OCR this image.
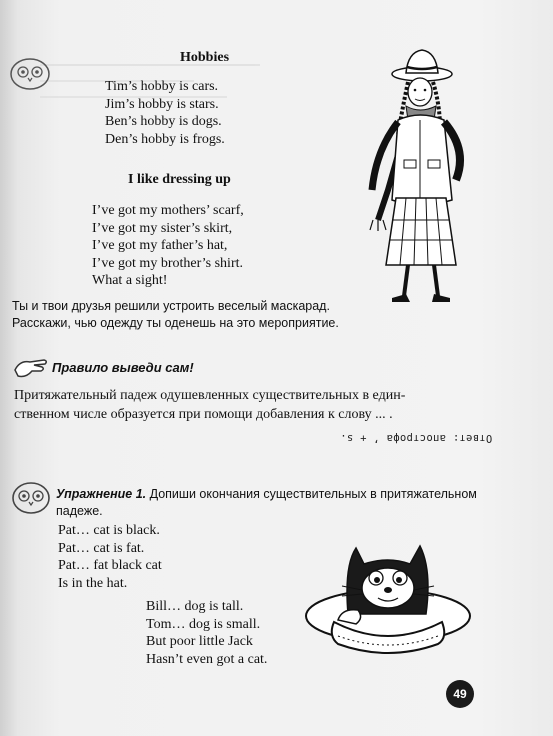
Hobbies
Tim’s hobby is cars.
Jim’s hobby is stars.
Ben’s hobby is dogs.
Den’s hobby is frogs.
I like dressing up
I’ve got my mothers’ scarf,
I’ve got my sister’s skirt,
I’ve got my father’s hat,
I’ve got my brother’s shirt.
What a sight!
Ты и твои друзья решили устроить веселый маскарад.
Расскажи, чью одежду ты оденешь на это мероприятие.
Правило выведи сам!
Притяжательный падеж одушевленных существительных в един-
ственном числе образуется при помощи добавления к слову ... .
Ответ: апострофа ’ + s.
Упражнение 1. Допиши окончания существительных в притяжательном
падеже.
Pat… cat is black.
Pat… cat is fat.
Pat… fat black cat
Is in the hat.
Bill… dog is tall.
Tom… dog is small.
But poor little Jack
Hasn’t even got a cat.
49
